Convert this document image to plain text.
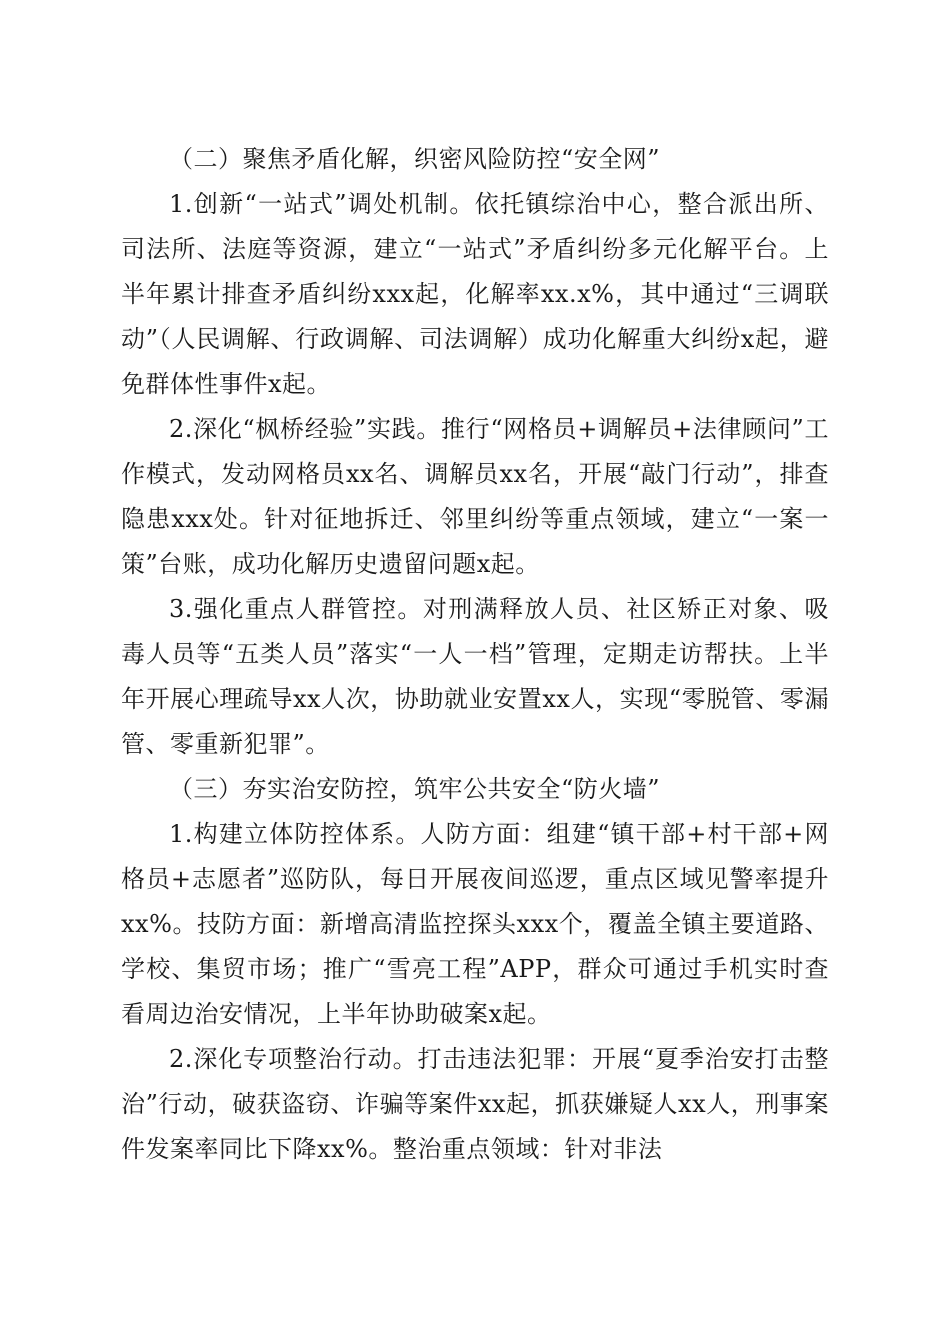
（二）聚焦矛盾化解，织密风险防控“安全网”

1.创新“一站式”调处机制。依托镇综治中心，整合派出所、司法所、法庭等资源，建立“一站式”矛盾纠纷多元化解平台。上半年累计排查矛盾纠纷xxx起，化解率xx.x%，其中通过“三调联动”（人民调解、行政调解、司法调解）成功化解重大纠纷x起，避免群体性事件x起。

2.深化“枫桥经验”实践。推行“网格员+调解员+法律顾问”工作模式，发动网格员xx名、调解员xx名，开展“敲门行动”，排查隐患xxx处。针对征地拆迁、邻里纠纷等重点领域，建立“一案一策”台账，成功化解历史遗留问题x起。

3.强化重点人群管控。对刑满释放人员、社区矫正对象、吸毒人员等“五类人员”落实“一人一档”管理，定期走访帮扶。上半年开展心理疏导xx人次，协助就业安置xx人，实现“零脱管、零漏管、零重新犯罪”。

（三）夯实治安防控，筑牢公共安全“防火墙”

1.构建立体防控体系。人防方面：组建“镇干部+村干部+网格员+志愿者”巡防队，每日开展夜间巡逻，重点区域见警率提升xx%。技防方面：新增高清监控探头xxx个，覆盖全镇主要道路、学校、集贸市场；推广“雪亮工程”APP，群众可通过手机实时查看周边治安情况，上半年协助破案x起。

2.深化专项整治行动。打击违法犯罪：开展“夏季治安打击整治”行动，破获盗窃、诈骗等案件xx起，抓获嫌疑人xx人，刑事案件发案率同比下降xx%。整治重点领域：针对非法
